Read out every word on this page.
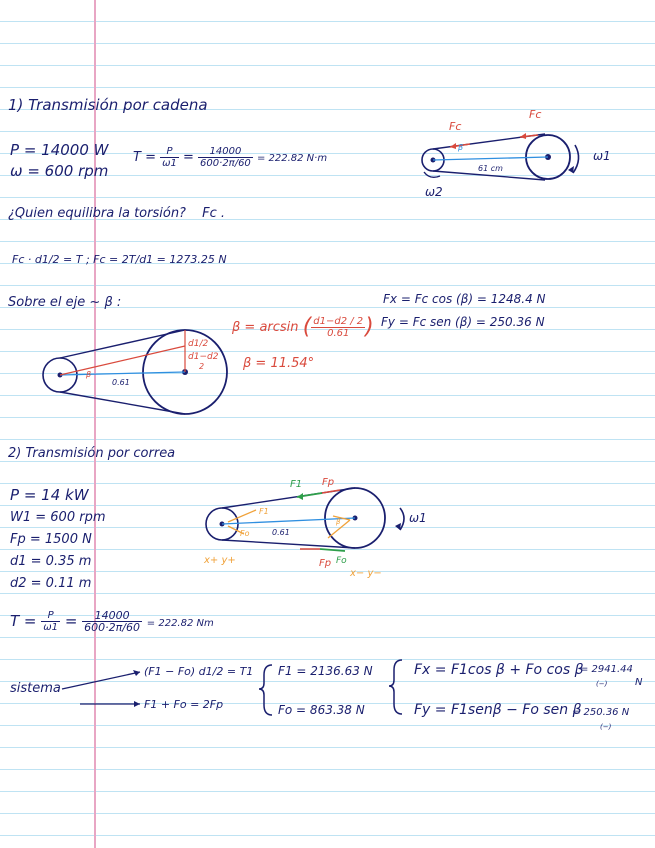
1) Transmisión por cadena
P = 14000 W
ω = 600 rpm
$T = \frac{P}{\omega 1} = \frac{14000}{600\cdot 2\pi/60} = 222.82$ N·m
¿Quien equilibra la torsión? Fc .
Fc · d1/2 = T ; Fc = 2T/d1 = 1273.25 N
Fc
Fc
61 cm
β
ω1
ω2
Sobre el eje ~ β :	Fx = Fc cos (β) = 1248.4 N
Fy = Fc sen (β) = 250.36 N
β = arcsin ( $\frac{d1-d2 / 2}{0.61}$ )
β = 11.54°
0.61
β
d1/2
d1−d2
2
2) Transmisión por correa
P = 14 kW
W1 = 600 rpm
Fp = 1500 N
d1 = 0.35 m
d2 = 0.11 m
$T = \frac{P}{\omega 1} = \frac{14000}{600\cdot 2\pi/60} = 222.82$ Nm
F1 Fp
F1
Fo
β
0.61
Fp Fo
x+ y+
x− y−
ω1
sistema
(F1 − Fo) d1/2 = T1
F1 + Fo = 2Fp
F1 = 2136.63 N
Fo = 863.38 N
Fx = F1cos β + Fo cos β
= 2941.44
(−)	N
Fy = F1senβ − Fo sen β
= 250.36 N
(−)
